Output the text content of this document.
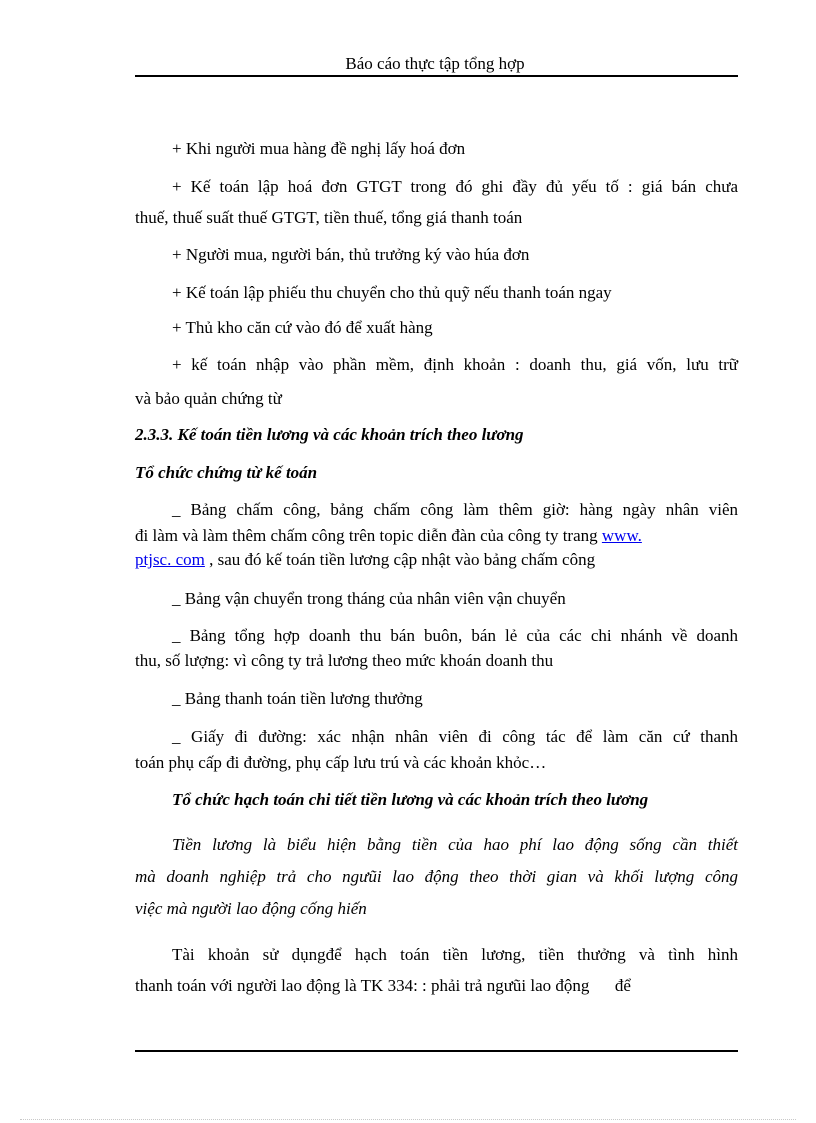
Báo cáo thực tập tổng hợp

+ Khi người mua hàng đề nghị lấy hoá đơn

+ Kế toán lập hoá đơn GTGT trong đó ghi đầy đủ yếu tố : giá bán chưa

thuế, thuế suất thuế GTGT, tiền thuế, tổng giá thanh toán

+ Người mua, người bán, thủ trưởng ký vào húa đơn

+ Kế toán lập phiếu thu chuyển cho thủ quỹ nếu thanh toán ngay

+ Thủ kho căn cứ vào đó để xuất hàng

+ kế toán nhập vào phần mềm, định khoản : doanh thu, giá vốn, lưu trữ

và bảo quản chứng từ

2.3.3. Kế toán tiền lương và các khoản trích theo lương

Tổ chức chứng từ kế toán

_ Bảng chấm công, bảng chấm công làm thêm giờ: hàng ngày nhân viên

đi làm và làm thêm chấm công trên topic diễn đàn của công ty trang www.

ptjsc. com , sau đó kế toán tiền lương cập nhật vào bảng chấm công

_ Bảng vận chuyển trong tháng của nhân viên vận chuyển

_ Bảng tổng hợp doanh thu bán buôn, bán lẻ của các chi nhánh về doanh

thu, số lượng: vì công ty trả lương theo mức khoán doanh thu

_ Bảng thanh toán tiền lương thưởng

_ Giấy đi đường: xác nhận nhân viên đi công tác để làm căn cứ thanh

toán phụ cấp đi đường, phụ cấp lưu trú và các khoản khỏc…

Tổ chức hạch toán chi tiết tiền lương và các khoản trích theo lương

Tiền lương là biểu hiện bằng tiền của hao phí lao động sống cần thiết

mà doanh nghiệp trả cho ngưũi lao động theo thời gian và khối lượng công

việc mà người lao động cống hiến

Tài khoản sử dụngđể hạch toán tiền lương, tiền thưởng và tình hình

thanh toán với người lao động là TK 334: : phải trả ngưũi lao động      để
